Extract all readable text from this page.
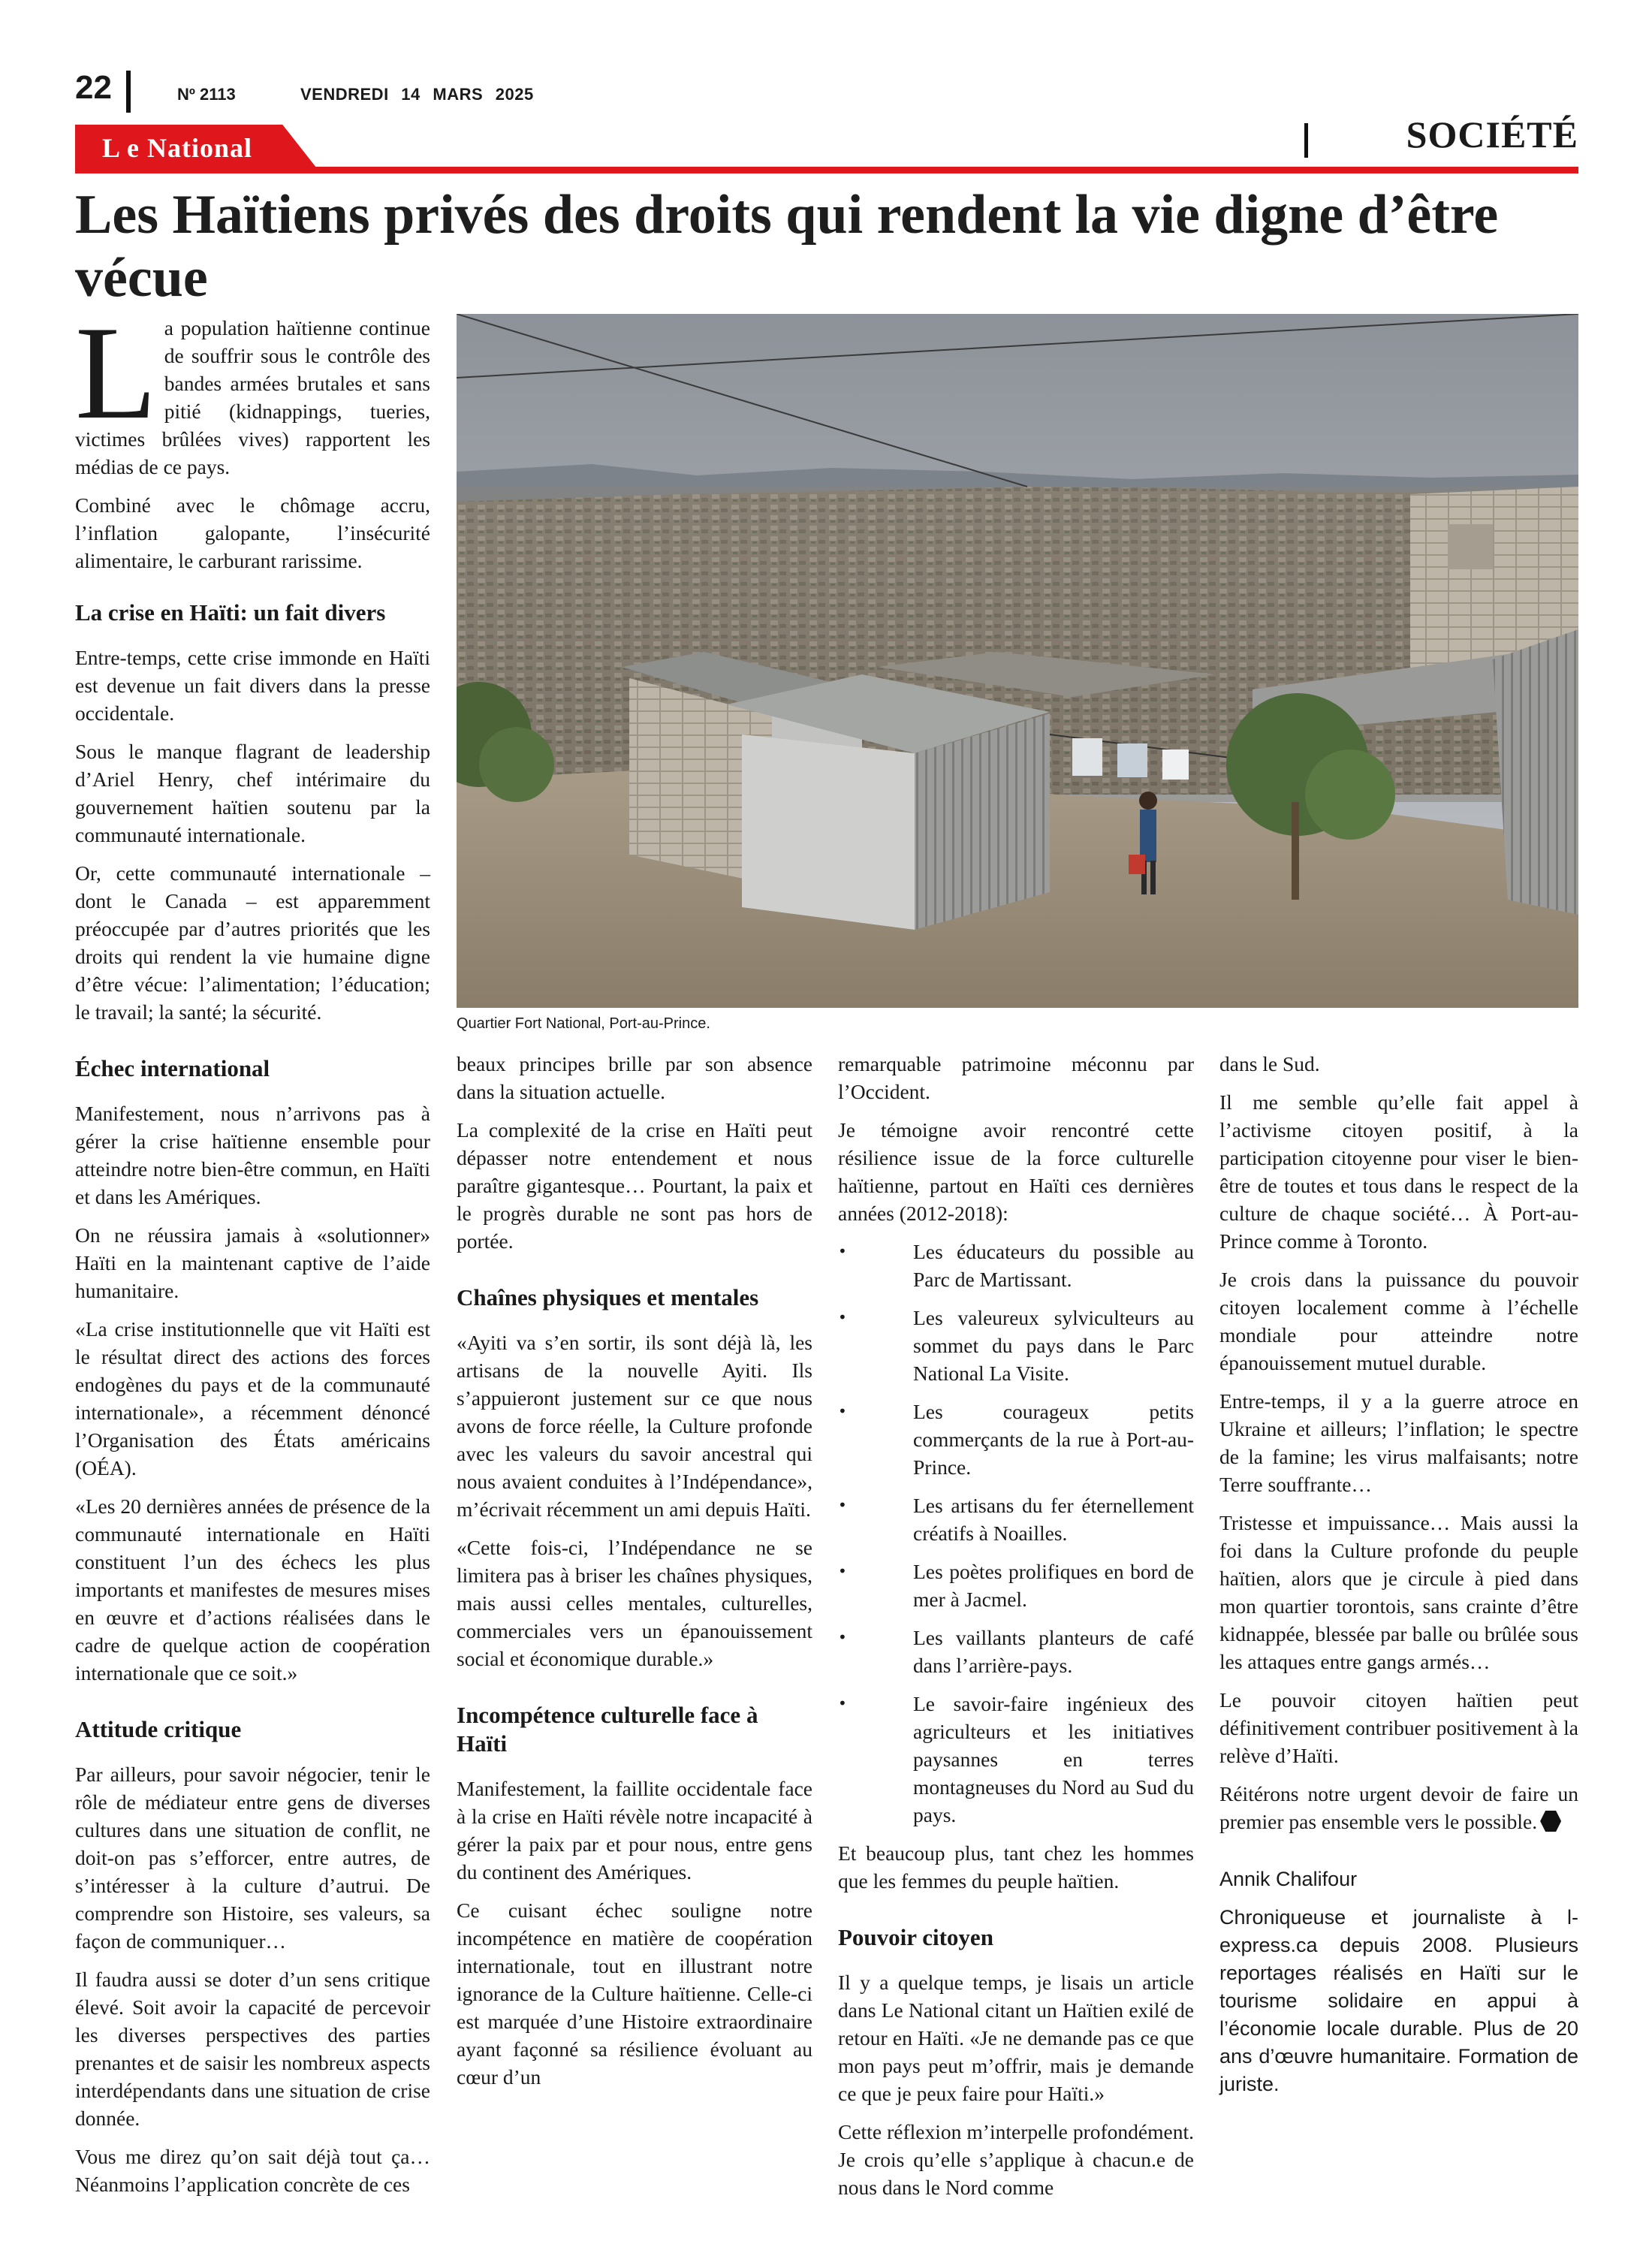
22	Nº 2113	VENDREDI 14 MARS 2025
L e National	SOCIÉTÉ
Les Haïtiens privés des droits qui rendent la vie digne d’être vécue
Quartier Fort National, Port-au-Prince.

La population haïtienne continue de souffrir sous le contrôle des bandes armées brutales et sans pitié (kidnappings, tueries, victimes brûlées vives) rapportent les médias de ce pays.

Combiné avec le chômage accru, l’inflation galopante, l’insécurité alimentaire, le carburant rarissime.

La crise en Haïti: un fait divers

Entre-temps, cette crise immonde en Haïti est devenue un fait divers dans la presse occidentale.

Sous le manque flagrant de leadership d’Ariel Henry, chef intérimaire du gouvernement haïtien soutenu par la communauté internationale.

Or, cette communauté internationale – dont le Canada – est apparemment préoccupée par d’autres priorités que les droits qui rendent la vie humaine digne d’être vécue: l’alimentation; l’éducation; le travail; la santé; la sécurité.

Échec international

Manifestement, nous n’arrivons pas à gérer la crise haïtienne ensemble pour atteindre notre bien-être commun, en Haïti et dans les Amériques.

On ne réussira jamais à «solutionner» Haïti en la maintenant captive de l’aide humanitaire.

«La crise institutionnelle que vit Haïti est le résultat direct des actions des forces endogènes du pays et de la communauté internationale», a récemment dénoncé l’Organisation des États américains (OÉA).

«Les 20 dernières années de présence de la communauté internationale en Haïti constituent l’un des échecs les plus importants et manifestes de mesures mises en œuvre et d’actions réalisées dans le cadre de quelque action de coopération internationale que ce soit.»

Attitude critique

Par ailleurs, pour savoir négocier, tenir le rôle de médiateur entre gens de diverses cultures dans une situation de conflit, ne doit-on pas s’efforcer, entre autres, de s’intéresser à la culture d’autrui. De comprendre son Histoire, ses valeurs, sa façon de communiquer…

Il faudra aussi se doter d’un sens critique élevé. Soit avoir la capacité de percevoir les diverses perspectives des parties prenantes et de saisir les nombreux aspects interdépendants dans une situation de crise donnée.

Vous me direz qu’on sait déjà tout ça… Néanmoins l’application concrète de ces

beaux principes brille par son absence dans la situation actuelle.

La complexité de la crise en Haïti peut dépasser notre entendement et nous paraître gigantesque… Pourtant, la paix et le progrès durable ne sont pas hors de portée.

Chaînes physiques et mentales

«Ayiti va s’en sortir, ils sont déjà là, les artisans de la nouvelle Ayiti. Ils s’appuieront justement sur ce que nous avons de force réelle, la Culture profonde avec les valeurs du savoir ancestral qui nous avaient conduites à l’Indépendance», m’écrivait récemment un ami depuis Haïti.

«Cette fois-ci, l’Indépendance ne se limitera pas à briser les chaînes physiques, mais aussi celles mentales, culturelles, commerciales vers un épanouissement social et économique durable.»

Incompétence culturelle face à Haïti

Manifestement, la faillite occidentale face à la crise en Haïti révèle notre incapacité à gérer la paix par et pour nous, entre gens du continent des Amériques.

Ce cuisant échec souligne notre incompétence en matière de coopération internationale, tout en illustrant notre ignorance de la Culture haïtienne. Celle-ci est marquée d’une Histoire extraordinaire ayant façonné sa résilience évoluant au cœur d’un

remarquable patrimoine méconnu par l’Occident.

Je témoigne avoir rencontré cette résilience issue de la force culturelle haïtienne, partout en Haïti ces dernières années (2012-2018):

•	Les éducateurs du possible au Parc de Martissant.

•	Les valeureux sylviculteurs au sommet du pays dans le Parc National La Visite.

•	Les courageux petits commerçants de la rue à Port-au-Prince.

•	Les artisans du fer éternellement créatifs à Noailles.

•	Les poètes prolifiques en bord de mer à Jacmel.

•	Les vaillants planteurs de café dans l’arrière-pays.

•	Le savoir-faire ingénieux des agriculteurs et les initiatives paysannes en terres montagneuses du Nord au Sud du pays.

Et beaucoup plus, tant chez les hommes que les femmes du peuple haïtien.

Pouvoir citoyen

Il y a quelque temps, je lisais un article dans Le National citant un Haïtien exilé de retour en Haïti. «Je ne demande pas ce que mon pays peut m’offrir, mais je demande ce que je peux faire pour Haïti.»

Cette réflexion m’interpelle profondément. Je crois qu’elle s’applique à chacun.e de nous dans le Nord comme

dans le Sud.

Il me semble qu’elle fait appel à l’activisme citoyen positif, à la participation citoyenne pour viser le bien-être de toutes et tous dans le respect de la culture de chaque société… À Port-au-Prince comme à Toronto.

Je crois dans la puissance du pouvoir citoyen localement comme à l’échelle mondiale pour atteindre notre épanouissement mutuel durable.

Entre-temps, il y a la guerre atroce en Ukraine et ailleurs; l’inflation; le spectre de la famine; les virus malfaisants; notre Terre souffrante…

Tristesse et impuissance… Mais aussi la foi dans la Culture profonde du peuple haïtien, alors que je circule à pied dans mon quartier torontois, sans crainte d’être kidnappée, blessée par balle ou brûlée sous les attaques entre gangs armés…

Le pouvoir citoyen haïtien peut définitivement contribuer positivement à la relève d’Haïti.

Réitérons notre urgent devoir de faire un premier pas ensemble vers le possible.

Annik Chalifour

Chroniqueuse et journaliste à l-express.ca depuis 2008. Plusieurs reportages réalisés en Haïti sur le tourisme solidaire en appui à l’économie locale durable. Plus de 20 ans d’œuvre humanitaire. Formation de juriste.
